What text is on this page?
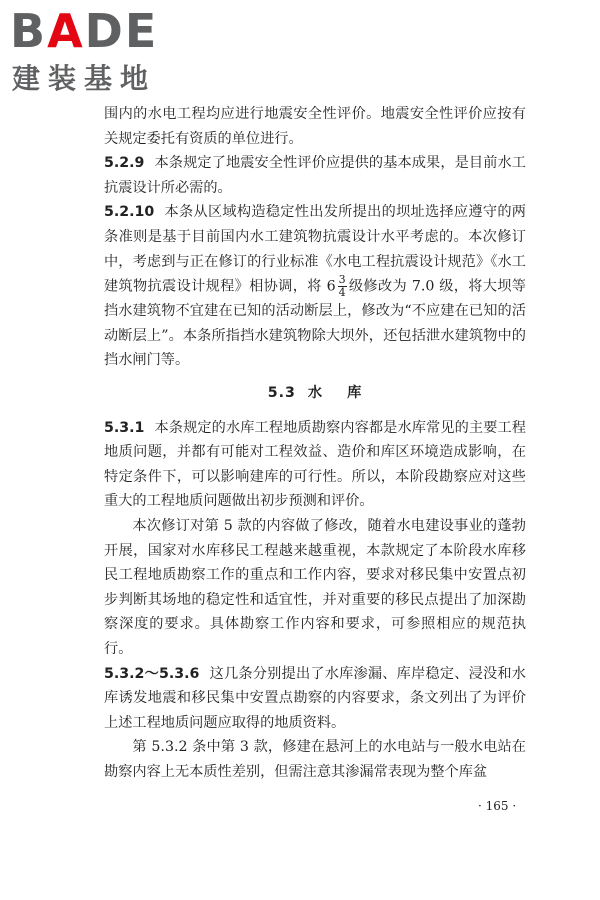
BADE
建装基地

围内的水电工程均应进行地震安全性评价。地震安全性评价应按有关规定委托有资质的单位进行。

5.2.9 本条规定了地震安全性评价应提供的基本成果，是目前水工抗震设计所必需的。

5.2.10 本条从区域构造稳定性出发所提出的坝址选择应遵守的两条准则是基于目前国内水工建筑物抗震设计水平考虑的。本次修订中，考虑到与正在修订的行业标准《水电工程抗震设计规范》《水工建筑物抗震设计规程》相协调，将 $6 \frac{3}{4}$ 级修改为 7.0 级，将大坝等挡水建筑物不宜建在已知的活动断层上，修改为“不应建在已知的活动断层上”。本条所指挡水建筑物除大坝外，还包括泄水建筑物中的挡水闸门等。

5.3 水 库

5.3.1 本条规定的水库工程地质勘察内容都是水库常见的主要工程地质问题，并都有可能对工程效益、造价和库区环境造成影响，在特定条件下，可以影响建库的可行性。所以，本阶段勘察应对这些重大的工程地质问题做出初步预测和评价。

本次修订对第 5 款的内容做了修改，随着水电建设事业的蓬勃开展，国家对水库移民工程越来越重视，本款规定了本阶段水库移民工程地质勘察工作的重点和工作内容，要求对移民集中安置点初步判断其场地的稳定性和适宜性，并对重要的移民点提出了加深勘察深度的要求。具体勘察工作内容和要求，可参照相应的规范执行。

5.3.2～5.3.6 这几条分别提出了水库渗漏、库岸稳定、浸没和水库诱发地震和移民集中安置点勘察的内容要求，条文列出了为评价上述工程地质问题应取得的地质资料。

第 5.3.2 条中第 3 款，修建在悬河上的水电站与一般水电站在勘察内容上无本质性差别，但需注意其渗漏常表现为整个库盆

· 165 ·
